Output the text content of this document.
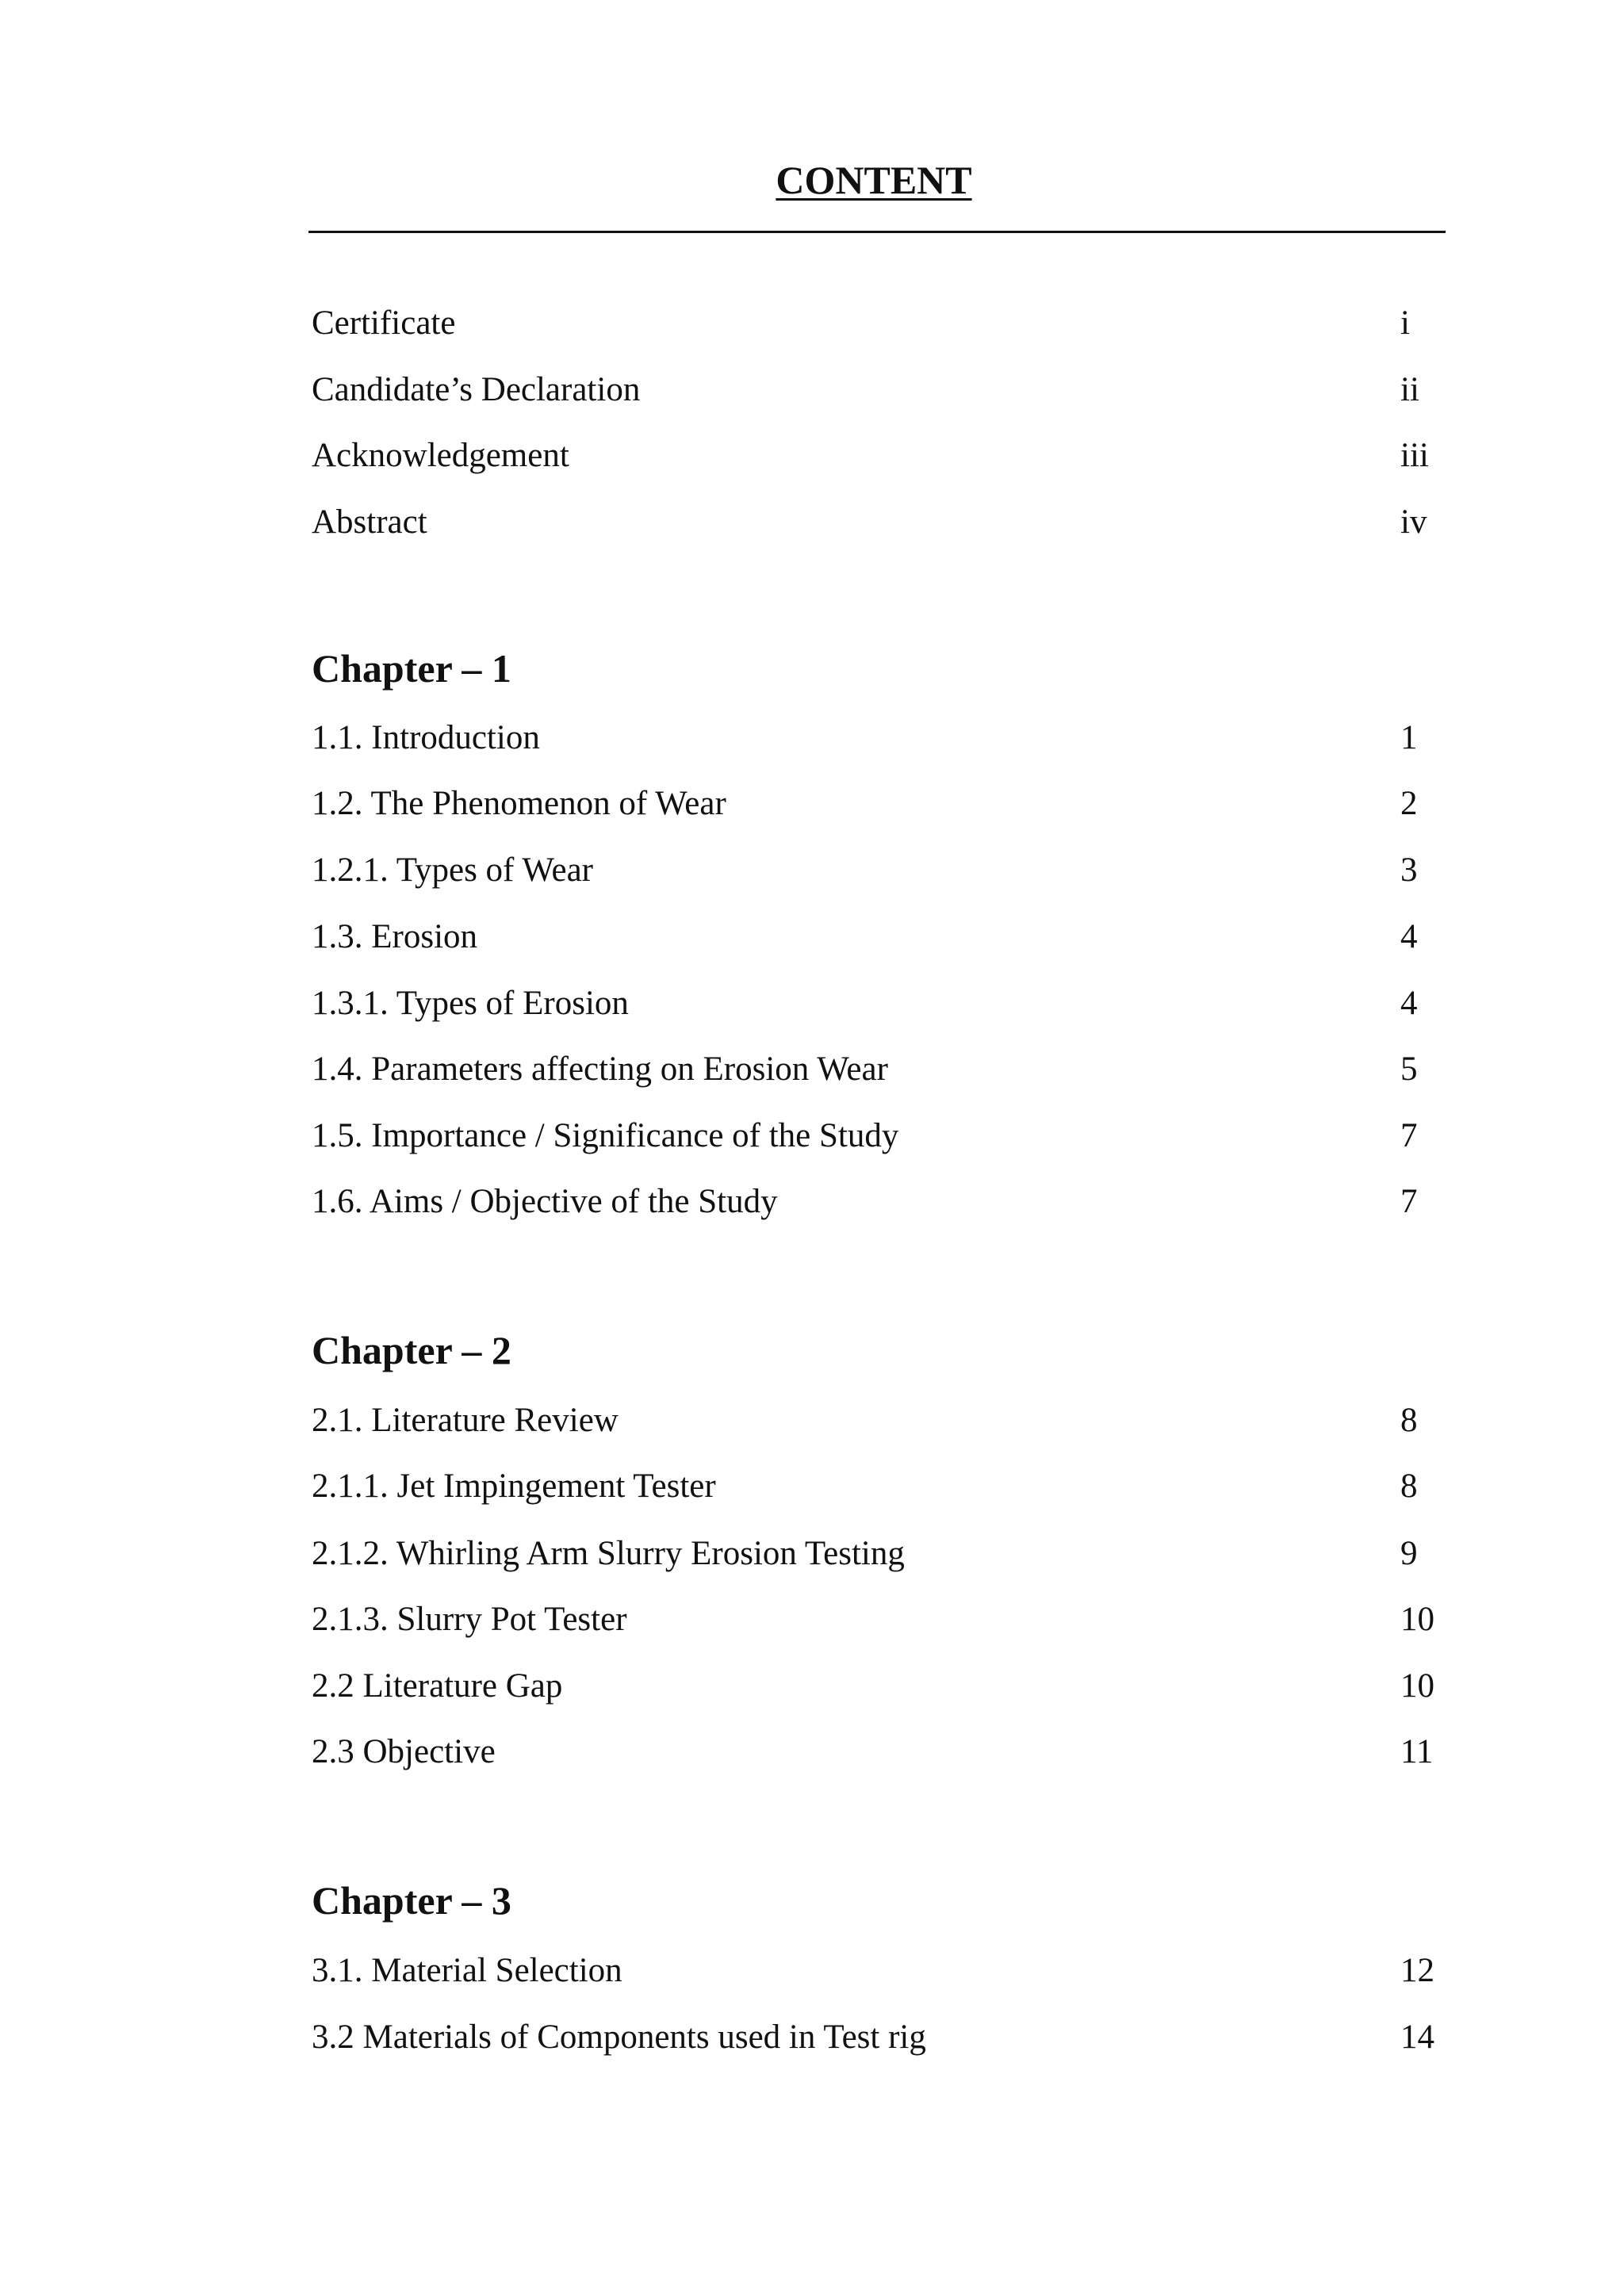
CONTENT
Certificate	i
Candidate’s Declaration	ii
Acknowledgement	iii
Abstract	iv
Chapter – 1
1.1. Introduction	1
1.2. The Phenomenon of Wear	2
1.2.1. Types of Wear	3
1.3. Erosion	4
1.3.1. Types of Erosion	4
1.4. Parameters affecting on Erosion Wear	5
1.5. Importance / Significance of the Study	7
1.6. Aims / Objective of the Study	7
Chapter – 2
2.1. Literature Review	8
2.1.1. Jet Impingement Tester	8
2.1.2. Whirling Arm Slurry Erosion Testing	9
2.1.3. Slurry Pot Tester	10
2.2 Literature Gap	10
2.3 Objective	11
Chapter – 3
3.1. Material Selection	12
3.2 Materials of Components used in Test rig	14
